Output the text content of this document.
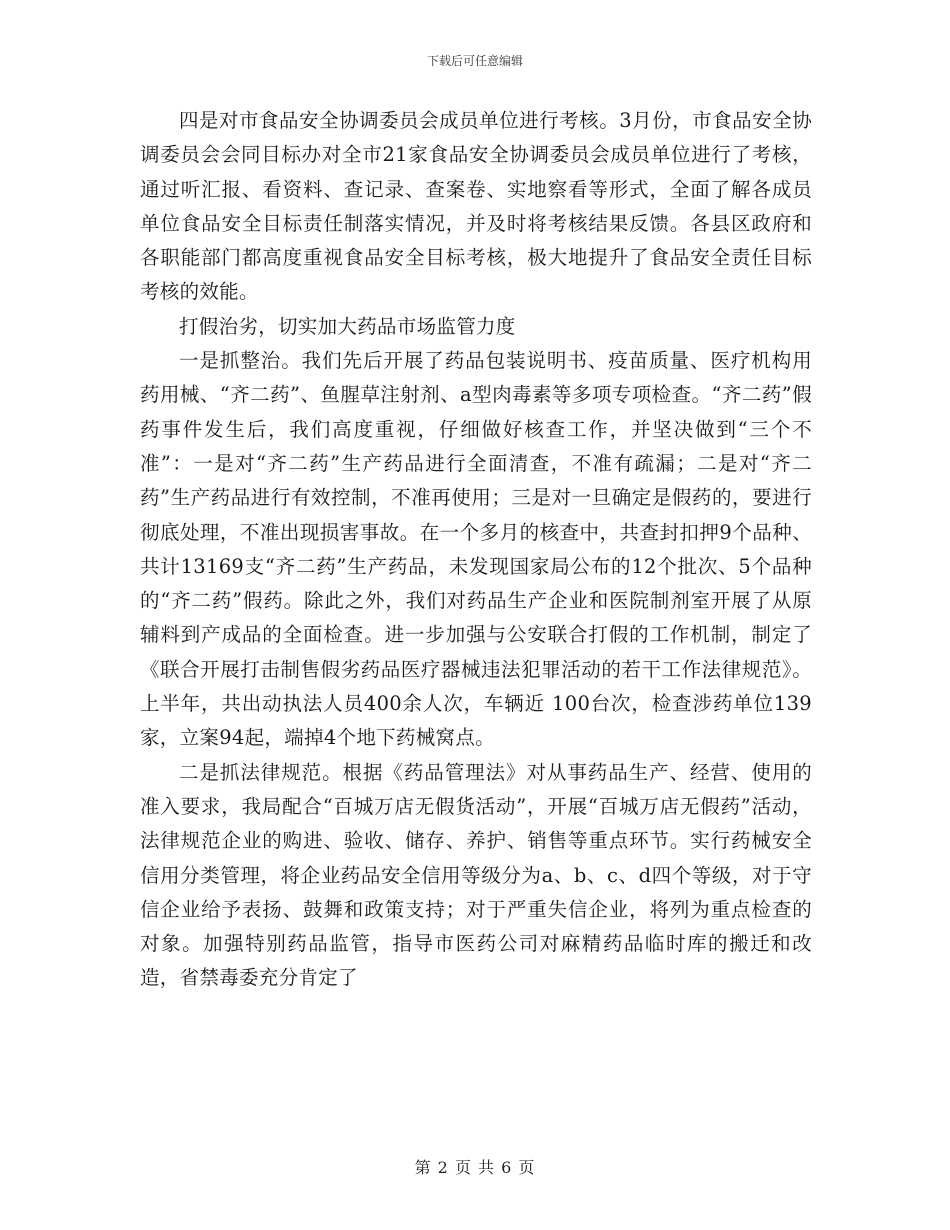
下载后可任意编辑

四是对市食品安全协调委员会成员单位进行考核。3月份，市食品安全协调委员会会同目标办对全市21家食品安全协调委员会成员单位进行了考核，通过听汇报、看资料、查记录、查案卷、实地察看等形式，全面了解各成员单位食品安全目标责任制落实情况，并及时将考核结果反馈。各县区政府和各职能部门都高度重视食品安全目标考核，极大地提升了食品安全责任目标考核的效能。

打假治劣，切实加大药品市场监管力度

一是抓整治。我们先后开展了药品包装说明书、疫苗质量、医疗机构用药用械、“齐二药”、鱼腥草注射剂、a型肉毒素等多项专项检查。“齐二药”假药事件发生后，我们高度重视，仔细做好核查工作，并坚决做到“三个不准”：一是对“齐二药”生产药品进行全面清查，不准有疏漏；二是对“齐二药”生产药品进行有效控制，不准再使用；三是对一旦确定是假药的，要进行彻底处理，不准出现损害事故。在一个多月的核查中，共查封扣押9个品种、共计13169支“齐二药”生产药品，未发现国家局公布的12个批次、5个品种的“齐二药”假药。除此之外，我们对药品生产企业和医院制剂室开展了从原辅料到产成品的全面检查。进一步加强与公安联合打假的工作机制，制定了《联合开展打击制售假劣药品医疗器械违法犯罪活动的若干工作法律规范》。上半年，共出动执法人员400余人次，车辆近 100台次，检查涉药单位139家，立案94起，端掉4个地下药械窝点。

二是抓法律规范。根据《药品管理法》对从事药品生产、经营、使用的准入要求，我局配合“百城万店无假货活动”，开展“百城万店无假药”活动，法律规范企业的购进、验收、储存、养护、销售等重点环节。实行药械安全信用分类管理，将企业药品安全信用等级分为a、b、c、d四个等级，对于守信企业给予表扬、鼓舞和政策支持；对于严重失信企业，将列为重点检查的对象。加强特别药品监管，指导市医药公司对麻精药品临时库的搬迁和改造，省禁毒委充分肯定了

第 2 页 共 6 页
